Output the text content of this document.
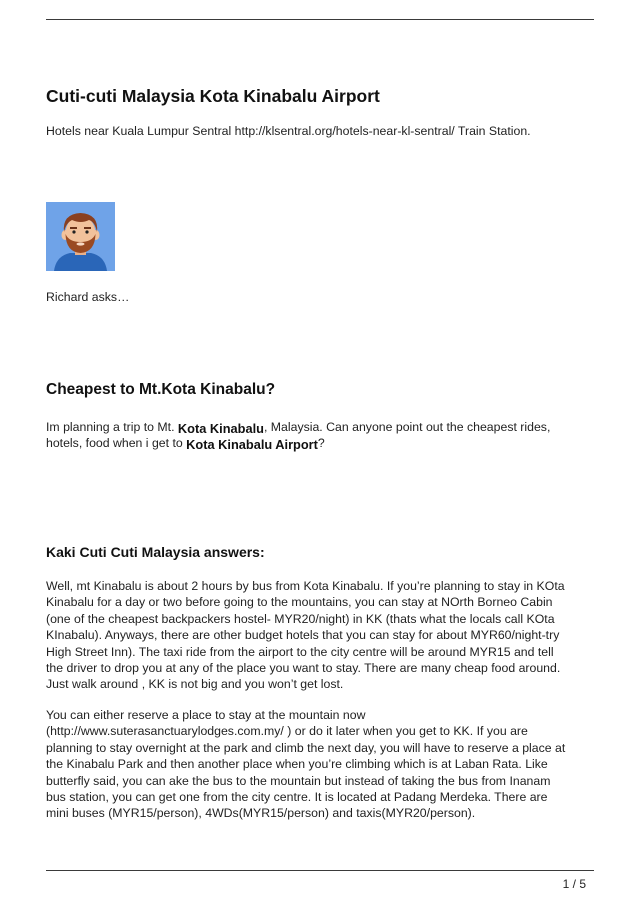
Cuti-cuti Malaysia Kota Kinabalu Airport

Hotels near Kuala Lumpur Sentral http://klsentral.org/hotels-near-kl-sentral/ Train Station.

Richard asks…

Cheapest to Mt.Kota Kinabalu?
Im planning a trip to Mt. Kota Kinabalu, Malaysia. Can anyone point out the cheapest rides,
hotels, food when i get to Kota Kinabalu Airport?
Kaki Cuti Cuti Malaysia answers:
Well, mt Kinabalu is about 2 hours by bus from Kota Kinabalu. If you’re planning to stay in KOta
Kinabalu for a day or two before going to the mountains, you can stay at NOrth Borneo Cabin
(one of the cheapest backpackers hostel- MYR20/night) in KK (thats what the locals call KOta
KInabalu). Anyways, there are other budget hotels that you can stay for about MYR60/night-try
High Street Inn). The taxi ride from the airport to the city centre will be around MYR15 and tell
the driver to drop you at any of the place you want to stay. There are many cheap food around.
Just walk around , KK is not big and you won’t get lost.
You can either reserve a place to stay at the mountain now
(http://www.suterasanctuarylodges.com.my/ ) or do it later when you get to KK. If you are
planning to stay overnight at the park and climb the next day, you will have to reserve a place at
the Kinabalu Park and then another place when you’re climbing which is at Laban Rata. Like
butterfly said, you can ake the bus to the mountain but instead of taking the bus from Inanam
bus station, you can get one from the city centre. It is located at Padang Merdeka. There are
mini buses (MYR15/person), 4WDs(MYR15/person) and taxis(MYR20/person).
1 / 5
